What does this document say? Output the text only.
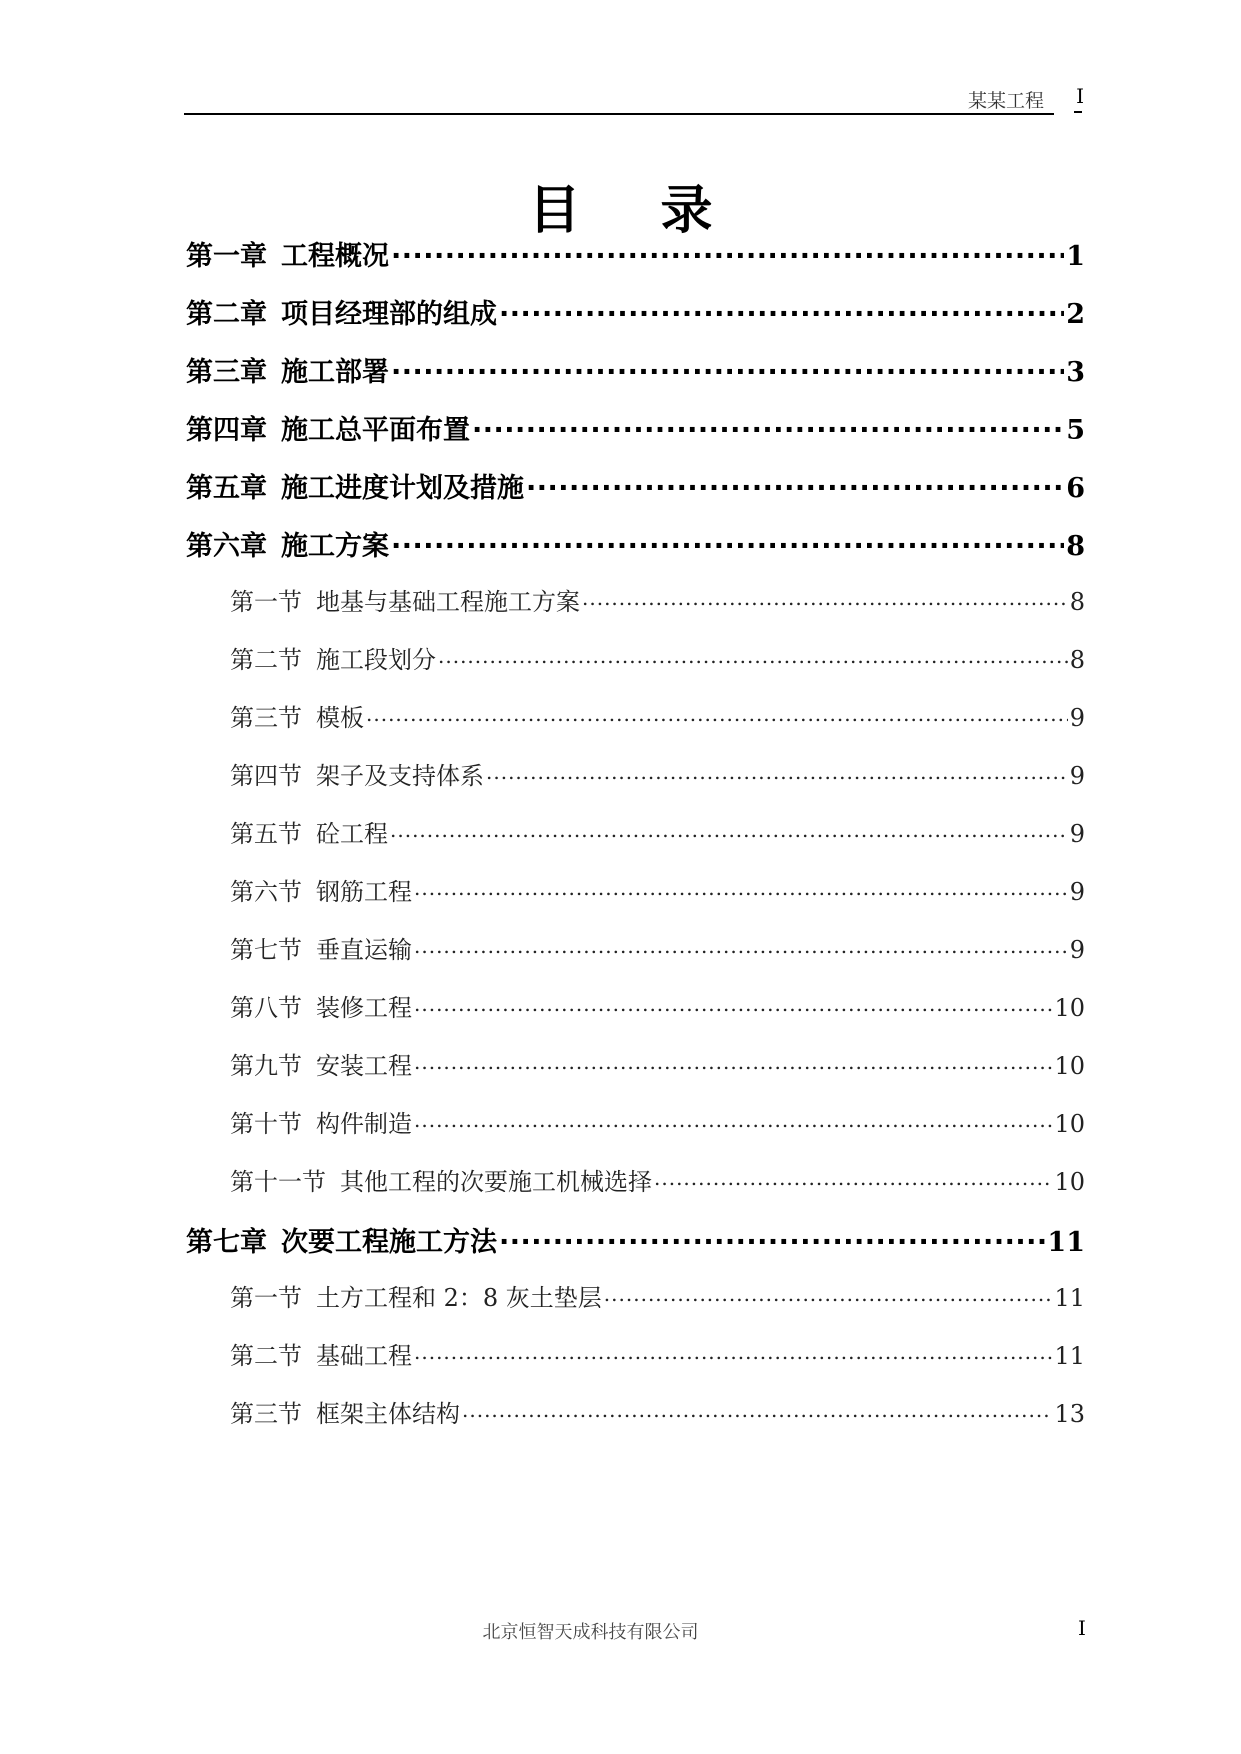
某某工程 I
目录
第一章 工程概况 .....	1
第二章 项目经理部的组成 .....	2
第三章 施工部署 .....	3
第四章 施工总平面布置 .....	5
第五章 施工进度计划及措施 .....	6
第六章 施工方案 .....	8
第一节 地基与基础工程施工方案 .....	8
第二节 施工段划分 .....	8
第三节 模板 .....	9
第四节 架子及支持体系 .....	9
第五节 砼工程 .....	9
第六节 钢筋工程 .....	9
第七节 垂直运输 .....	9
第八节 装修工程 .....	10
第九节 安装工程 .....	10
第十节 构件制造 .....	10
第十一节 其他工程的次要施工机械选择 .....	10
第七章 次要工程施工方法 .....	11
第一节 土方工程和 2：8 灰土垫层 .....	11
第二节 基础工程 .....	11
第三节 框架主体结构 .....	13
北京恒智天成科技有限公司	I
